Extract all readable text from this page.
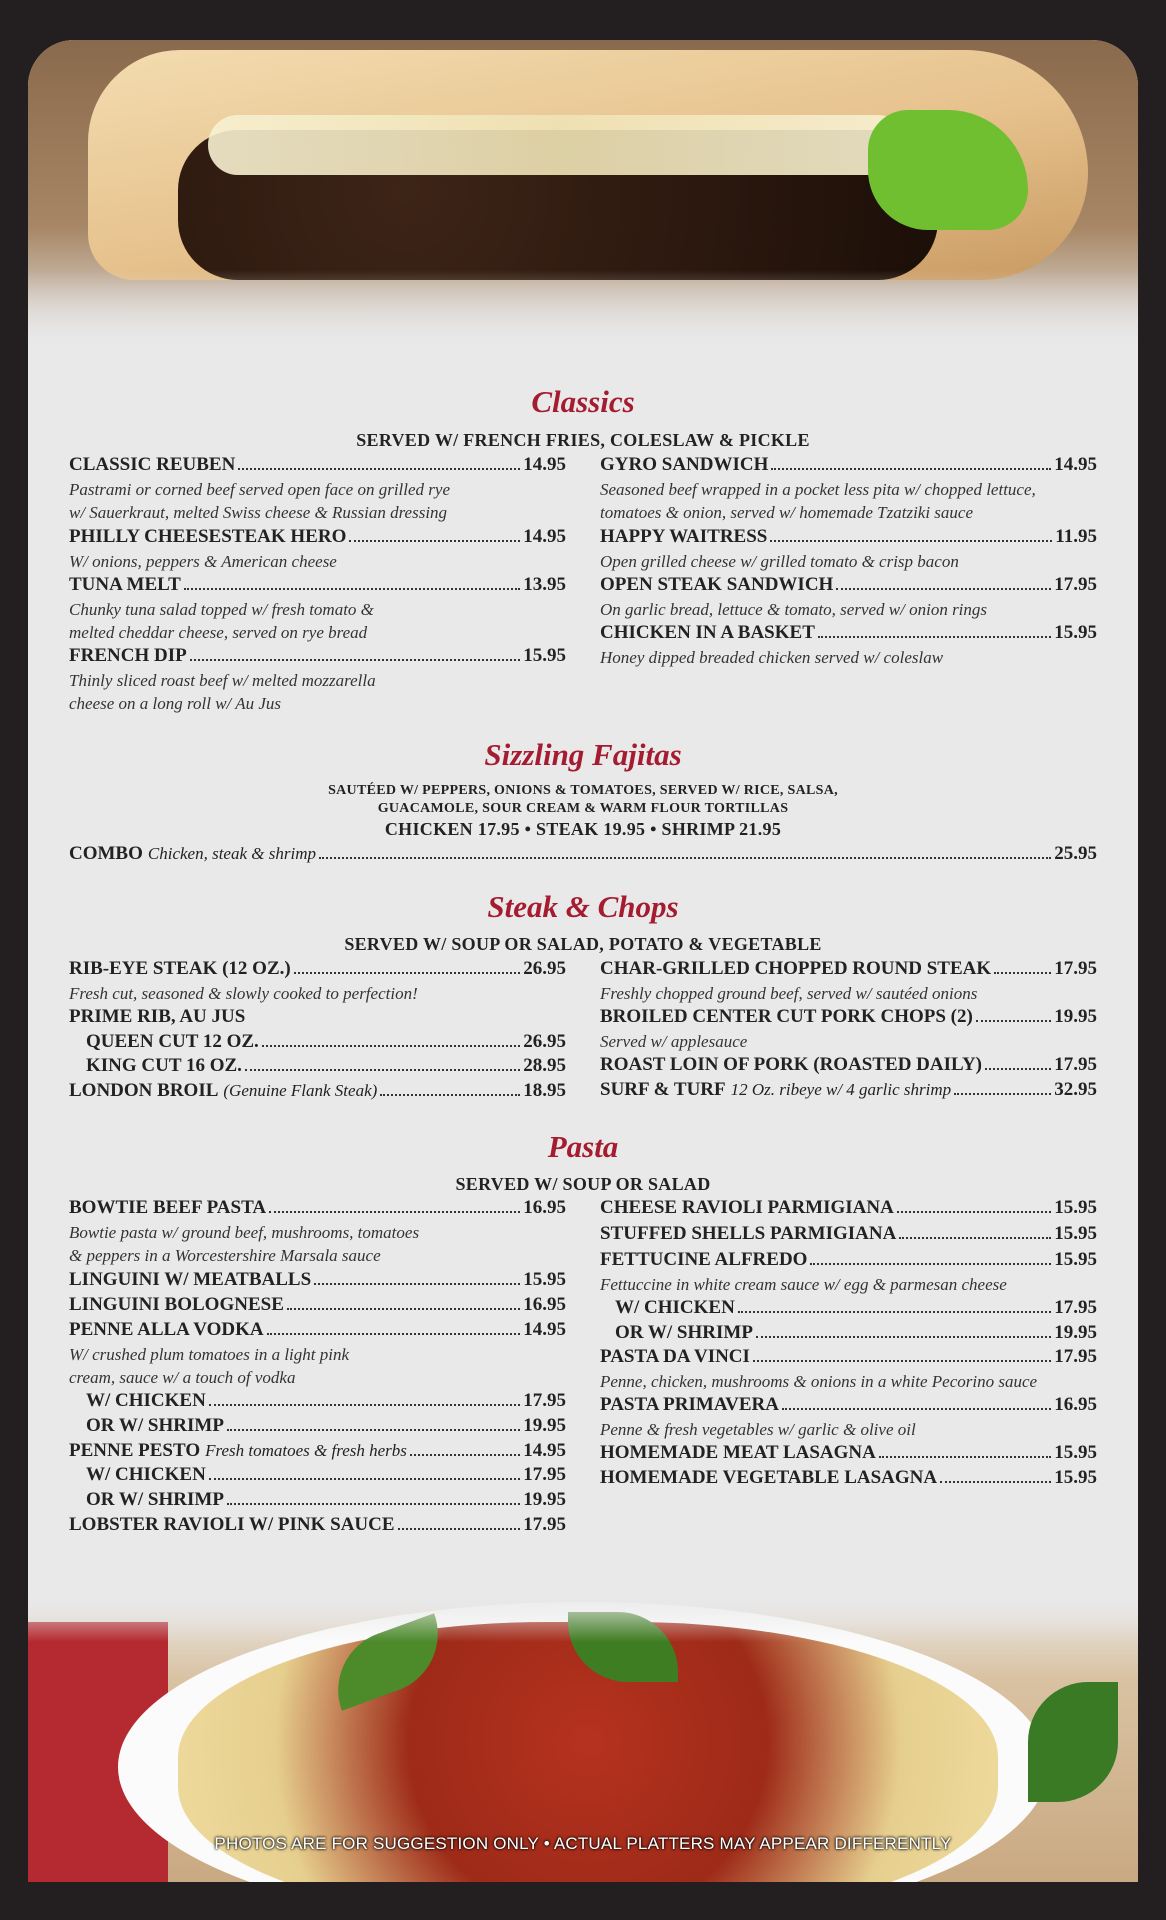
PHOTOS ARE FOR SUGGESTION ONLY • ACTUAL PLATTERS MAY APPEAR DIFFERENTLY
Classics
SERVED W/ FRENCH FRIES, COLESLAW & PICKLE
CLASSIC REUBEN	14.95
Pastrami or corned beef served open face on grilled rye
w/ Sauerkraut, melted Swiss cheese & Russian dressing
PHILLY CHEESESTEAK HERO	14.95
W/ onions, peppers & American cheese
TUNA MELT	13.95
Chunky tuna salad topped w/ fresh tomato &
melted cheddar cheese, served on rye bread
FRENCH DIP	15.95
Thinly sliced roast beef w/ melted mozzarella
cheese on a long roll w/ Au Jus
GYRO SANDWICH	14.95
Seasoned beef wrapped in a pocket less pita w/ chopped lettuce,
tomatoes & onion, served w/ homemade Tzatziki sauce
HAPPY WAITRESS	11.95
Open grilled cheese w/ grilled tomato & crisp bacon
OPEN STEAK SANDWICH	17.95
On garlic bread, lettuce & tomato, served w/ onion rings
CHICKEN IN A BASKET	15.95
Honey dipped breaded chicken served w/ coleslaw
Sizzling Fajitas
SAUTÉED W/ PEPPERS, ONIONS & TOMATOES, SERVED W/ RICE, SALSA,
GUACAMOLE, SOUR CREAM & WARM FLOUR TORTILLAS
CHICKEN 17.95 • STEAK 19.95 • SHRIMP 21.95
COMBO Chicken, steak & shrimp	25.95
Steak & Chops
SERVED W/ SOUP OR SALAD, POTATO & VEGETABLE
RIB-EYE STEAK (12 OZ.)	26.95
Fresh cut, seasoned & slowly cooked to perfection!
PRIME RIB, AU JUS
QUEEN CUT 12 OZ.	26.95
KING CUT 16 OZ.	28.95
LONDON BROIL (Genuine Flank Steak)	18.95
CHAR-GRILLED CHOPPED ROUND STEAK	17.95
Freshly chopped ground beef, served w/ sautéed onions
BROILED CENTER CUT PORK CHOPS (2)	19.95
Served w/ applesauce
ROAST LOIN OF PORK (ROASTED DAILY)	17.95
SURF & TURF 12 Oz. ribeye w/ 4 garlic shrimp	32.95
Pasta
SERVED W/ SOUP OR SALAD
BOWTIE BEEF PASTA	16.95
Bowtie pasta w/ ground beef, mushrooms, tomatoes
& peppers in a Worcestershire Marsala sauce
LINGUINI W/ MEATBALLS	15.95
LINGUINI BOLOGNESE	16.95
PENNE ALLA VODKA	14.95
W/ crushed plum tomatoes in a light pink
cream, sauce w/ a touch of vodka
W/ CHICKEN	17.95
OR W/ SHRIMP	19.95
PENNE PESTO Fresh tomatoes & fresh herbs	14.95
W/ CHICKEN	17.95
OR W/ SHRIMP	19.95
LOBSTER RAVIOLI W/ PINK SAUCE	17.95
CHEESE RAVIOLI PARMIGIANA	15.95
STUFFED SHELLS PARMIGIANA	15.95
FETTUCINE ALFREDO	15.95
Fettuccine in white cream sauce w/ egg & parmesan cheese
W/ CHICKEN	17.95
OR W/ SHRIMP	19.95
PASTA DA VINCI	17.95
Penne, chicken, mushrooms & onions in a white Pecorino sauce
PASTA PRIMAVERA	16.95
Penne & fresh vegetables w/ garlic & olive oil
HOMEMADE MEAT LASAGNA	15.95
HOMEMADE VEGETABLE LASAGNA	15.95
